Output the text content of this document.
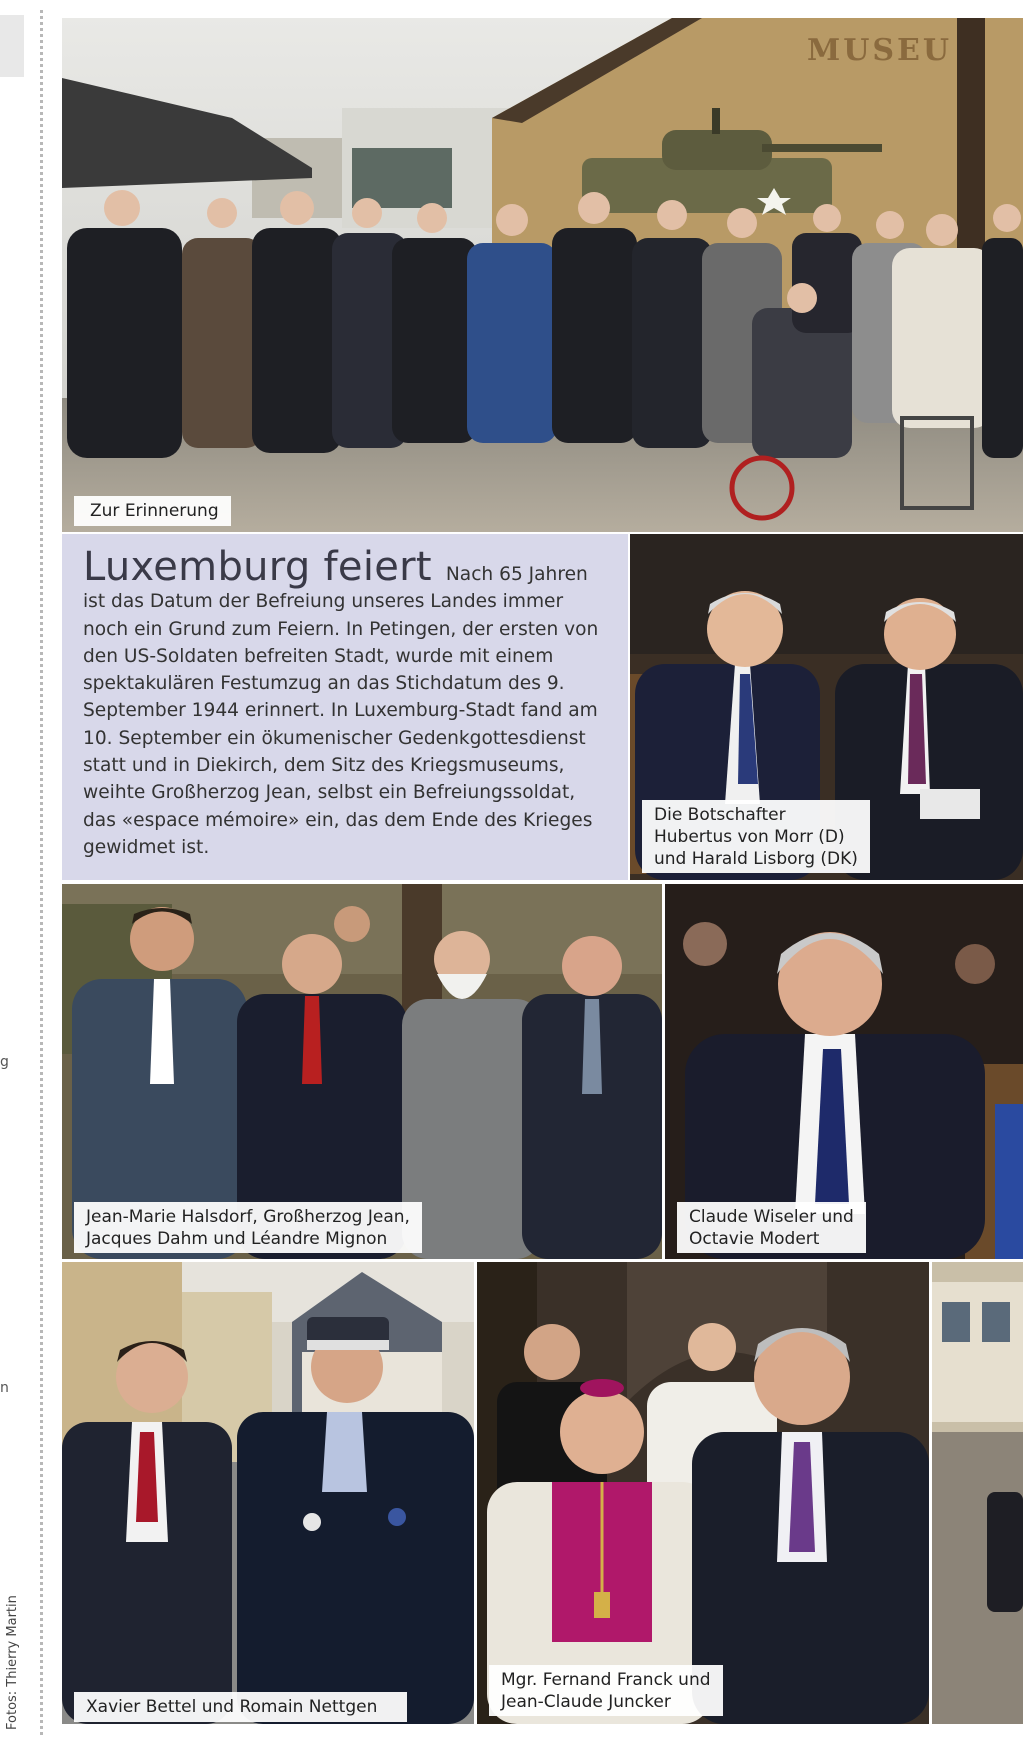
g
n
Fotos: Thierry Martin
MUSEU
Zur Erinnerung
Luxemburg feiert Nach 65 Jahren ist das Datum der Befreiung unseres Landes immer noch ein Grund zum Feiern. In Petingen, der ersten von den US-Soldaten befreiten Stadt, wurde mit einem spektakulären Festumzug an das Stichdatum des 9. September 1944 erinnert. In Luxemburg-Stadt fand am 10. September ein ökumenischer Gedenkgottesdienst statt und in Diekirch, dem Sitz des Kriegsmuseums, weihte Großherzog Jean, selbst ein Befreiungssoldat, das «espace mémoire» ein, das dem Ende des Krieges gewidmet ist.
Die Botschafter
Hubertus von Morr (D)
und Harald Lisborg (DK)
Jean-Marie Halsdorf, Großherzog Jean,
Jacques Dahm und Léandre Mignon
Claude Wiseler und
Octavie Modert
Xavier Bettel und Romain Nettgen
Mgr. Fernand Franck und
Jean-Claude Juncker
